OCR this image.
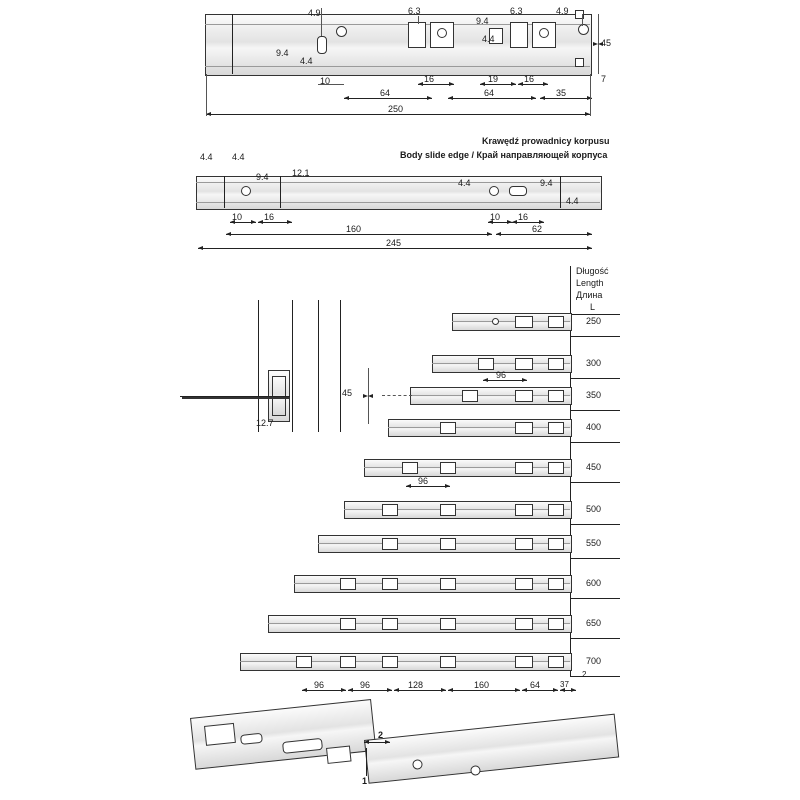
4.9	6.3
9.4
6.3	4.9
9.4
4.4
4.4	45
7
10	16	19	16
64	64	35
250
Krawędź prowadnicy korpusu
Body slide edge / Край направляющей корпуса
4.4 4.4
9.4	12.1
4.4	9.4
4.4
10 16	10 16
160	62
245
Długość
Length
Длина
L
45
12.7
250
300
96
350
400
450
96
500
550
600
650
700
2
96	96	128	160	64 37
2
1
